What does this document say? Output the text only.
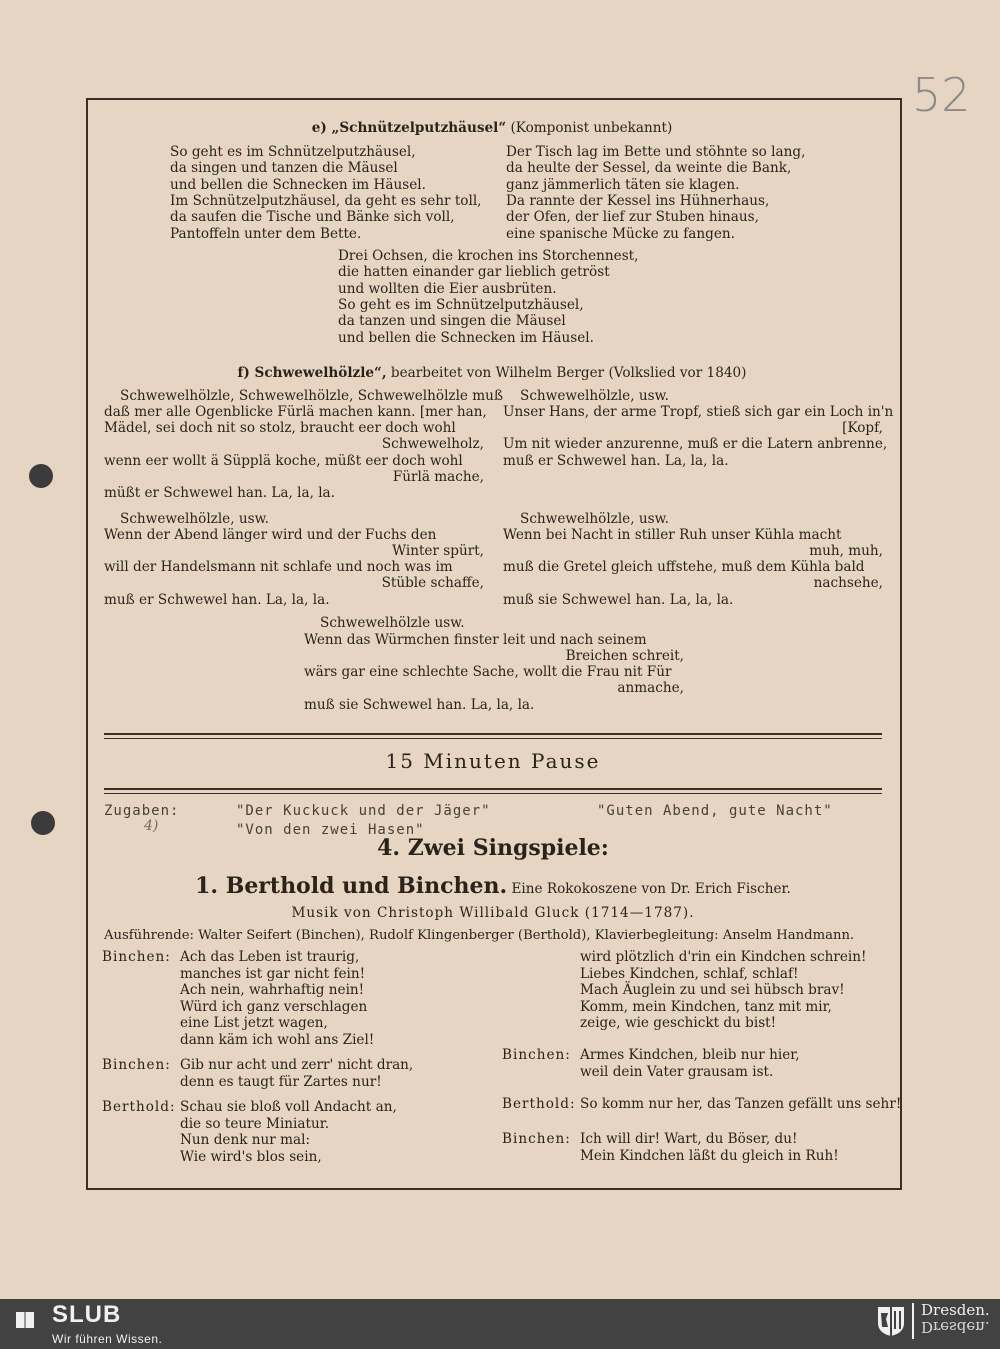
52
e) „Schnützelputzhäusel“ (Komponist unbekannt)
So geht es im Schnützelputzhäusel,
da singen und tanzen die Mäusel
und bellen die Schnecken im Häusel.
Im Schnützelputzhäusel, da geht es sehr toll,
da saufen die Tische und Bänke sich voll,
Pantoffeln unter dem Bette.
Der Tisch lag im Bette und stöhnte so lang,
da heulte der Sessel, da weinte die Bank,
ganz jämmerlich täten sie klagen.
Da rannte der Kessel ins Hühnerhaus,
der Ofen, der lief zur Stuben hinaus,
eine spanische Mücke zu fangen.
Drei Ochsen, die krochen ins Storchennest,
die hatten einander gar lieblich getröst
und wollten die Eier ausbrüten.
So geht es im Schnützelputzhäusel,
da tanzen und singen die Mäusel
und bellen die Schnecken im Häusel.
f) Schwewelhölzle“, bearbeitet von Wilhelm Berger (Volkslied vor 1840)
Schwewelhölzle, Schwewelhölzle, Schwewelhölzle muß
daß mer alle Ogenblicke Fürlä machen kann. [mer han,
Mädel, sei doch nit so stolz, braucht eer doch wohl
Schwewelholz,
wenn eer wollt ä Süpplä koche, müßt eer doch wohl
Fürlä mache,
müßt er Schwewel han. La, la, la.
Schwewelhölzle, usw.
Unser Hans, der arme Tropf, stieß sich gar ein Loch in'n
[Kopf,
Um nit wieder anzurenne, muß er die Latern anbrenne,
muß er Schwewel han. La, la, la.
Schwewelhölzle, usw.
Wenn der Abend länger wird und der Fuchs den
Winter spürt,
will der Handelsmann nit schlafe und noch was im
Stüble schaffe,
muß er Schwewel han. La, la, la.
Schwewelhölzle, usw.
Wenn bei Nacht in stiller Ruh unser Kühla macht
muh, muh,
muß die Gretel gleich uffstehe, muß dem Kühla bald
nachsehe,
muß sie Schwewel han. La, la, la.
Schwewelhölzle usw.
Wenn das Würmchen finster leit und nach seinem
Breichen schreit,
wärs gar eine schlechte Sache, wollt die Frau nit Für
anmache,
muß sie Schwewel han. La, la, la.
15 Minuten Pause
Zugaben:	"Der Kuckuck und der Jäger"	"Guten Abend, gute Nacht"
"Von den zwei Hasen"
4)
4. Zwei Singspiele:
1. Berthold und Binchen. Eine Rokokoszene von Dr. Erich Fischer.
Musik von Christoph Willibald Gluck (1714—1787).
Ausführende: Walter Seifert (Binchen), Rudolf Klingenberger (Berthold), Klavierbegleitung: Anselm Handmann.
Binchen: Ach das Leben ist traurig,
manches ist gar nicht fein!
Ach nein, wahrhaftig nein!
Würd ich ganz verschlagen
eine List jetzt wagen,
dann käm ich wohl ans Ziel!
Binchen: Gib nur acht und zerr' nicht dran,
denn es taugt für Zartes nur!
Berthold: Schau sie bloß voll Andacht an,
die so teure Miniatur.
Nun denk nur mal:
Wie wird's blos sein,
wird plötzlich d'rin ein Kindchen schrein!
Liebes Kindchen, schlaf, schlaf!
Mach Äuglein zu und sei hübsch brav!
Komm, mein Kindchen, tanz mit mir,
zeige, wie geschickt du bist!
Binchen: Armes Kindchen, bleib nur hier,
weil dein Vater grausam ist.
Berthold: So komm nur her, das Tanzen gefällt uns sehr!
Binchen: Ich will dir! Wart, du Böser, du!
Mein Kindchen läßt du gleich in Ruh!
SLUB
Wir führen Wissen.
Dresden.
Dresden.
